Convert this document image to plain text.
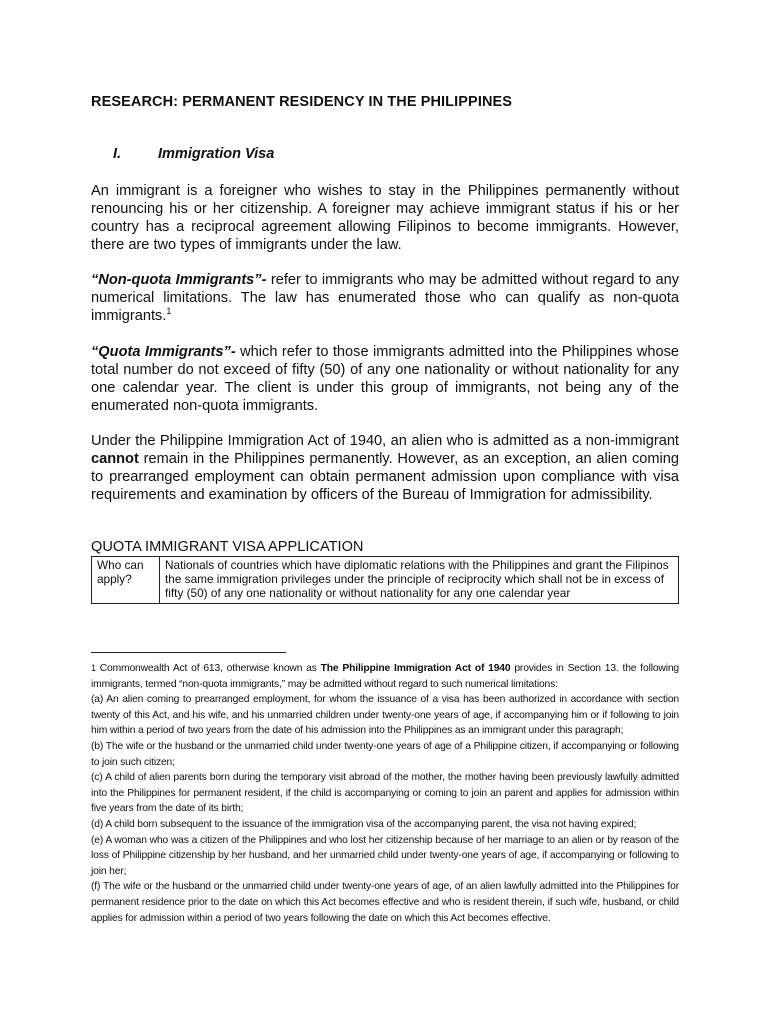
RESEARCH: PERMANENT RESIDENCY IN THE PHILIPPINES
I.	Immigration Visa

An immigrant is a foreigner who wishes to stay in the Philippines permanently without renouncing his or her citizenship. A foreigner may achieve immigrant status if his or her country has a reciprocal agreement allowing Filipinos to become immigrants. However, there are two types of immigrants under the law.

“Non-quota Immigrants”- refer to immigrants who may be admitted without regard to any numerical limitations. The law has enumerated those who can qualify as non-quota immigrants.$^1$

“Quota Immigrants”- which refer to those immigrants admitted into the Philippines whose total number do not exceed of fifty (50) of any one nationality or without nationality for any one calendar year. The client is under this group of immigrants, not being any of the enumerated non-quota immigrants.

Under the Philippine Immigration Act of 1940, an alien who is admitted as a non-immigrant cannot remain in the Philippines permanently. However, as an exception, an alien coming to prearranged employment can obtain permanent admission upon compliance with visa requirements and examination by officers of the Bureau of Immigration for admissibility.

QUOTA IMMIGRANT VISA APPLICATION

Who can apply?	Nationals of countries which have diplomatic relations with the Philippines and grant the Filipinos the same immigration privileges under the principle of reciprocity which shall not be in excess of fifty (50) of any one nationality or without nationality for any one calendar year

1 Commonwealth Act of 613, otherwise known as The Philippine Immigration Act of 1940 provides in Section 13. the following immigrants, termed “non-quota immigrants,” may be admitted without regard to such numerical limitations:

(a) An alien coming to prearranged employment, for whom the issuance of a visa has been authorized in accordance with section twenty of this Act, and his wife, and his unmarried children under twenty-one years of age, if accompanying him or if following to join him within a period of two years from the date of his admission into the Philippines as an immigrant under this paragraph;

(b) The wife or the husband or the unmarried child under twenty-one years of age of a Philippine citizen, if accompanying or following to join such citizen;

(c) A child of alien parents born during the temporary visit abroad of the mother, the mother having been previously lawfully admitted into the Philippines for permanent resident, if the child is accompanying or coming to join an parent and applies for admission within five years from the date of its birth;

(d) A child born subsequent to the issuance of the immigration visa of the accompanying parent, the visa not having expired;

(e) A woman who was a citizen of the Philippines and who lost her citizenship because of her marriage to an alien or by reason of the loss of Philippine citizenship by her husband, and her unmarried child under twenty-one years of age, if accompanying or following to join her;

(f) The wife or the husband or the unmarried child under twenty-one years of age, of an alien lawfully admitted into the Philippines for permanent residence prior to the date on which this Act becomes effective and who is resident therein, if such wife, husband, or child applies for admission within a period of two years following the date on which this Act becomes effective.
